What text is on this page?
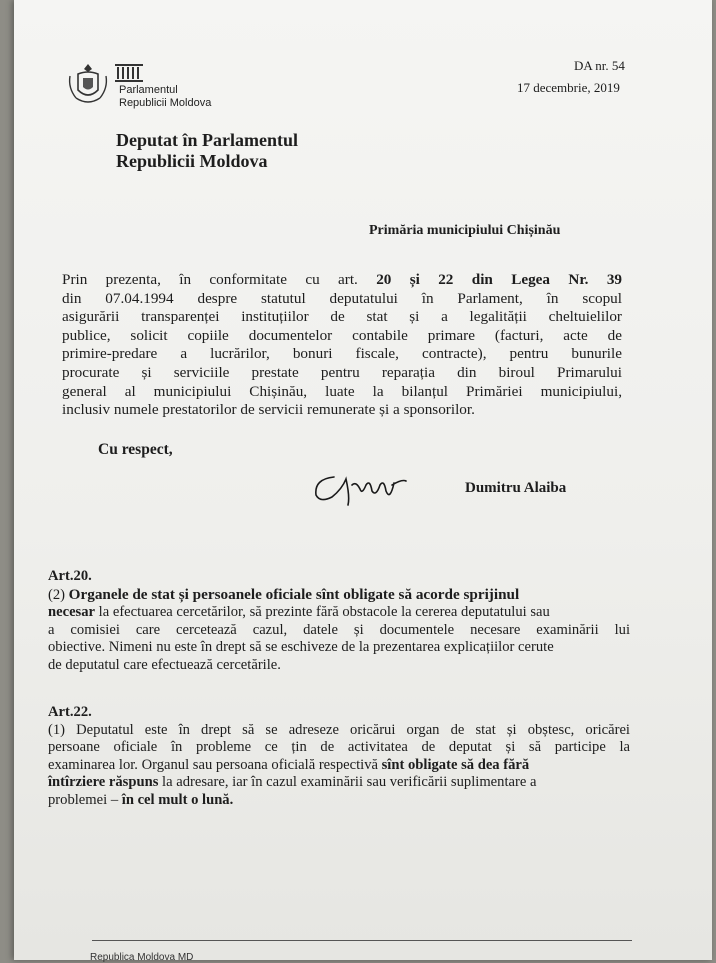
Parlamentul
Republicii Moldova
DA nr. 54
17 decembrie, 2019
Deputat în Parlamentul
Republicii Moldova
Primăria municipiului Chișinău
Prin prezenta, în conformitate cu art. 20 și 22 din Legea Nr. 39
din 07.04.1994 despre statutul deputatului în Parlament, în scopul
asigurării transparenței instituțiilor de stat și a legalității cheltuielilor
publice, solicit copiile documentelor contabile primare (facturi, acte de
primire-predare a lucrărilor, bonuri fiscale, contracte), pentru bunurile
procurate și serviciile prestate pentru reparația din biroul Primarului
general al municipiului Chișinău, luate la bilanțul Primăriei municipiului,
inclusiv numele prestatorilor de servicii remunerate și a sponsorilor.
Cu respect,
Dumitru Alaiba
Art.20.
(2) Organele de stat și persoanele oficiale sînt obligate să acorde sprijinul
necesar la efectuarea cercetărilor, să prezinte fără obstacole la cererea deputatului sau
a comisiei care cercetează cazul, datele și documentele necesare examinării lui
obiective. Nimeni nu este în drept să se eschiveze de la prezentarea explicațiilor cerute
de deputatul care efectuează cercetările.
Art.22.
(1) Deputatul este în drept să se adreseze oricărui organ de stat și obștesc, oricărei
persoane oficiale în probleme ce țin de activitatea de deputat și să participe la
examinarea lor. Organul sau persoana oficială respectivă sînt obligate să dea fără
întîrziere răspuns la adresare, iar în cazul examinării sau verificării suplimentare a
problemei – în cel mult o lună.
Republica Moldova MD
